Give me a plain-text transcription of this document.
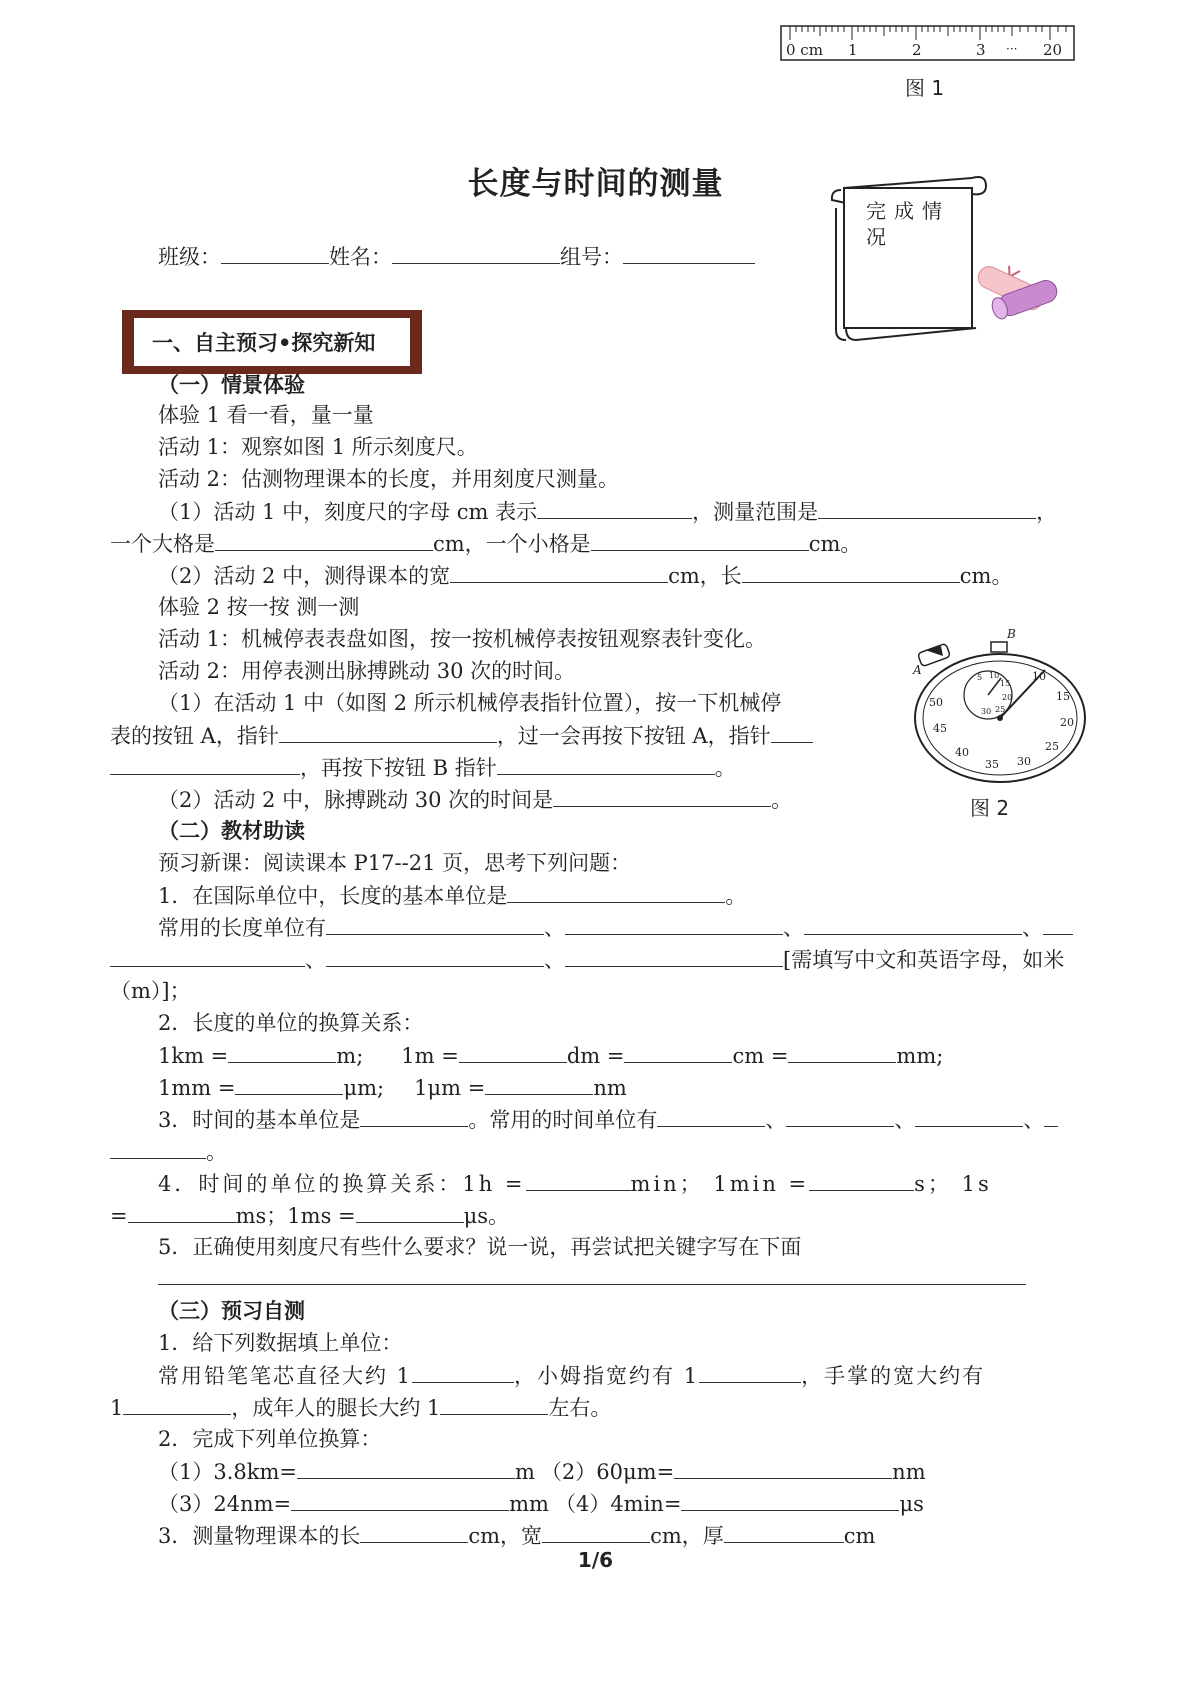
0 cm 1	2	3 ··· 20
图 1
长度与时间的测量
完成情况
班级：	姓名：	组号：
一、自主预习•探究新知
（一）情景体验
体验 1 看一看，量一量
活动 1：观察如图 1 所示刻度尺。
活动 2：估测物理课本的长度，并用刻度尺测量。
（1）活动 1 中，刻度尺的字母 cm 表示	，测量范围是	，
一个大格是	cm，一个小格是	cm。
（2）活动 2 中，测得课本的宽	cm，长	cm。
体验 2 按一按 测一测
活动 1：机械停表表盘如图，按一按机械停表按钮观察表针变化。
活动 2：用停表测出脉搏跳动 30 次的时间。
（1）在活动 1 中（如图 2 所示机械停表指针位置），按一下机械停
表的按钮 A，指针	，过一会再按下按钮 A，指针
，再按下按钮 B 指针	。
（2）活动 2 中，脉搏跳动 30 次的时间是	。
A
B
10
15
20
25
30
35
40
45
50
5 10
15
20
25
30
图 2
（二）教材助读
预习新课：阅读课本 P17--21 页，思考下列问题：
1．在国际单位中，长度的基本单位是	。
常用的长度单位有	、	、	、
、	、	[需填写中文和英语字母，如米
（m）]；
2．长度的单位的换算关系：
1km =	m; 1m =	dm =	cm =	mm;
1mm =	μm; 1μm =	nm
3．时间的基本单位是	。常用的时间单位有	、	、	、
。
4．时间的单位的换算关系：1h =	min； 1min =	s； 1s
=	ms；1ms =	μs。
5．正确使用刻度尺有些什么要求？说一说，再尝试把关键字写在下面
（三）预习自测
1．给下列数据填上单位：
常用铅笔笔芯直径大约 1	，小姆指宽约有 1	，手掌的宽大约有
1	，成年人的腿长大约 1	左右。
2．完成下列单位换算：
（1）3.8km=	m （2）60μm=	nm
（3）24nm=	mm （4）4min=	μs
3．测量物理课本的长	cm，宽	cm，厚	cm
1/6
